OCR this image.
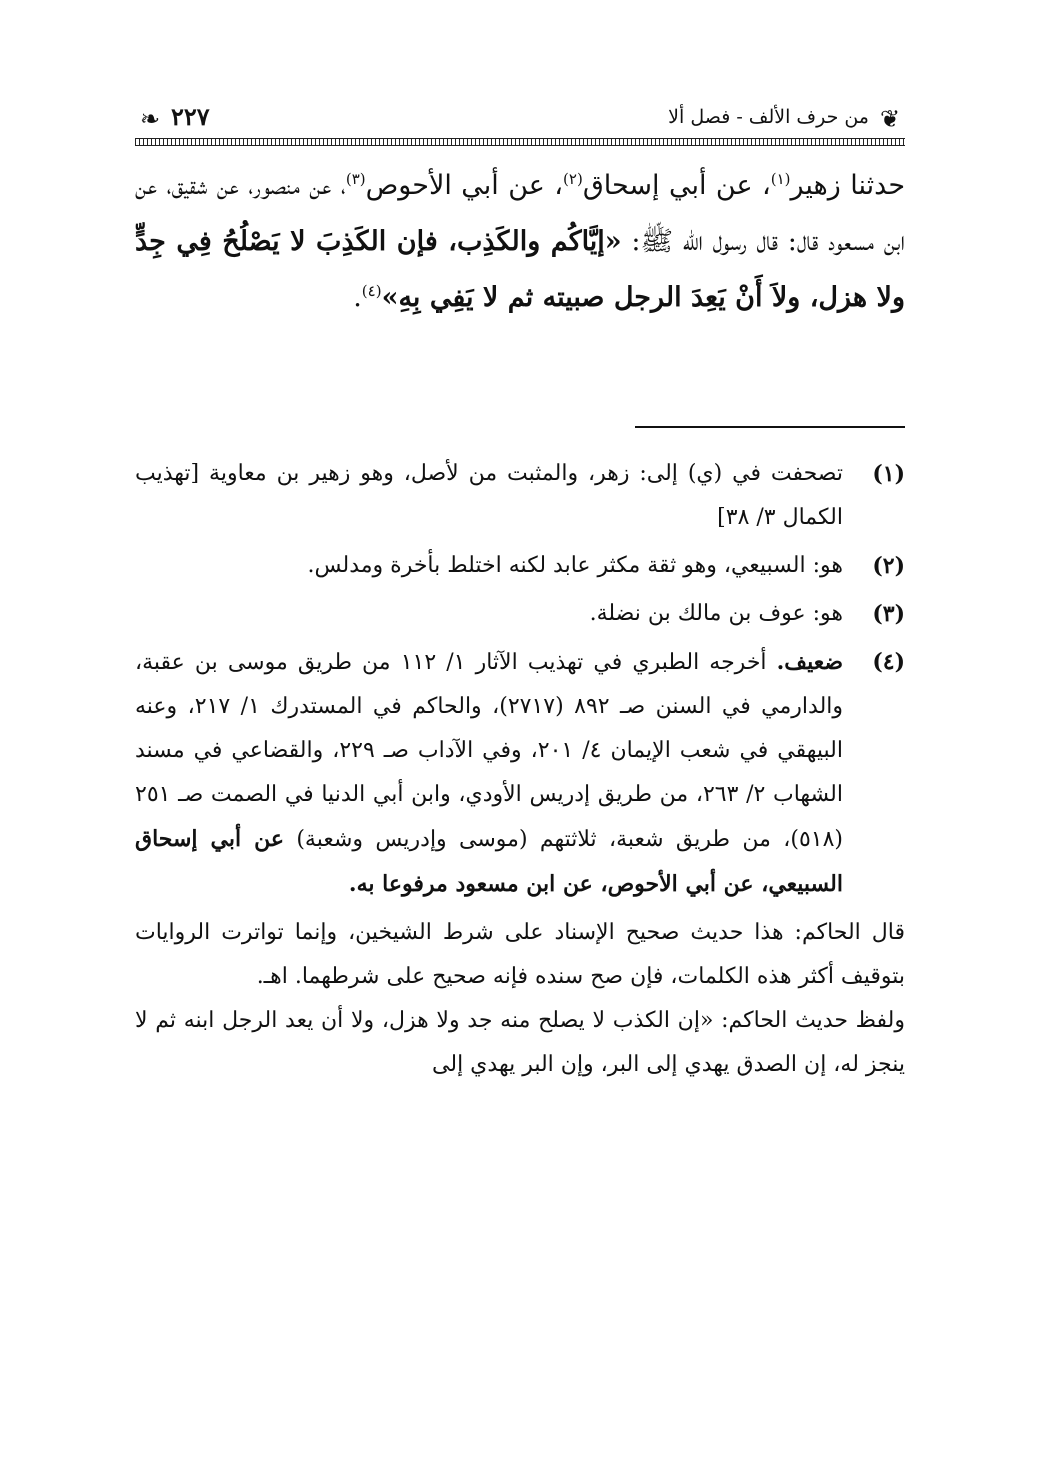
❦
من حرف الألف - فصل ألا
٢٢٧
❧
حدثنا زهير$^{(١)}$، عن أبي إسحاق$^{(٢)}$، عن أبي الأحوص$^{(٣)}$، عن منصور، عن شقيق، عن ابن مسعود قال: قال رسول الله ﷺ: «إيَّاكُم والكَذِب، فإن الكَذِبَ لا يَصْلُحُ فِي جِدٍّ ولا هزل، ولاَ أَنْ يَعِدَ الرجل صبيته ثم لا يَفِي بِهِ»$^{(٤)}$.
(١)
تصحفت في (ي) إلى: زهر، والمثبت من لأصل، وهو زهير بن معاوية [تهذيب الكمال ٣/ ٣٨]
(٢)
هو: السبيعي، وهو ثقة مكثر عابد لكنه اختلط بأخرة ومدلس.
(٣)
هو: عوف بن مالك بن نضلة.
(٤)
ضعيف. أخرجه الطبري في تهذيب الآثار ١/ ١١٢ من طريق موسى بن عقبة، والدارمي في السنن صـ ٨٩٢ (٢٧١٧)، والحاكم في المستدرك ١/ ٢١٧، وعنه البيهقي في شعب الإيمان ٤/ ٢٠١، وفي الآداب صـ ٢٢٩، والقضاعي في مسند الشهاب ٢/ ٢٦٣، من طريق إدريس الأودي، وابن أبي الدنيا في الصمت صـ ٢٥١ (٥١٨)، من طريق شعبة، ثلاثتهم (موسى وإدريس وشعبة) عن أبي إسحاق السبيعي، عن أبي الأحوص، عن ابن مسعود مرفوعا به.
قال الحاكم: هذا حديث صحيح الإسناد على شرط الشيخين، وإنما تواترت الروايات بتوقيف أكثر هذه الكلمات، فإن صح سنده فإنه صحيح على شرطهما. اهـ.
ولفظ حديث الحاكم: «إن الكذب لا يصلح منه جد ولا هزل، ولا أن يعد الرجل ابنه ثم لا ينجز له، إن الصدق يهدي إلى البر، وإن البر يهدي إلى
